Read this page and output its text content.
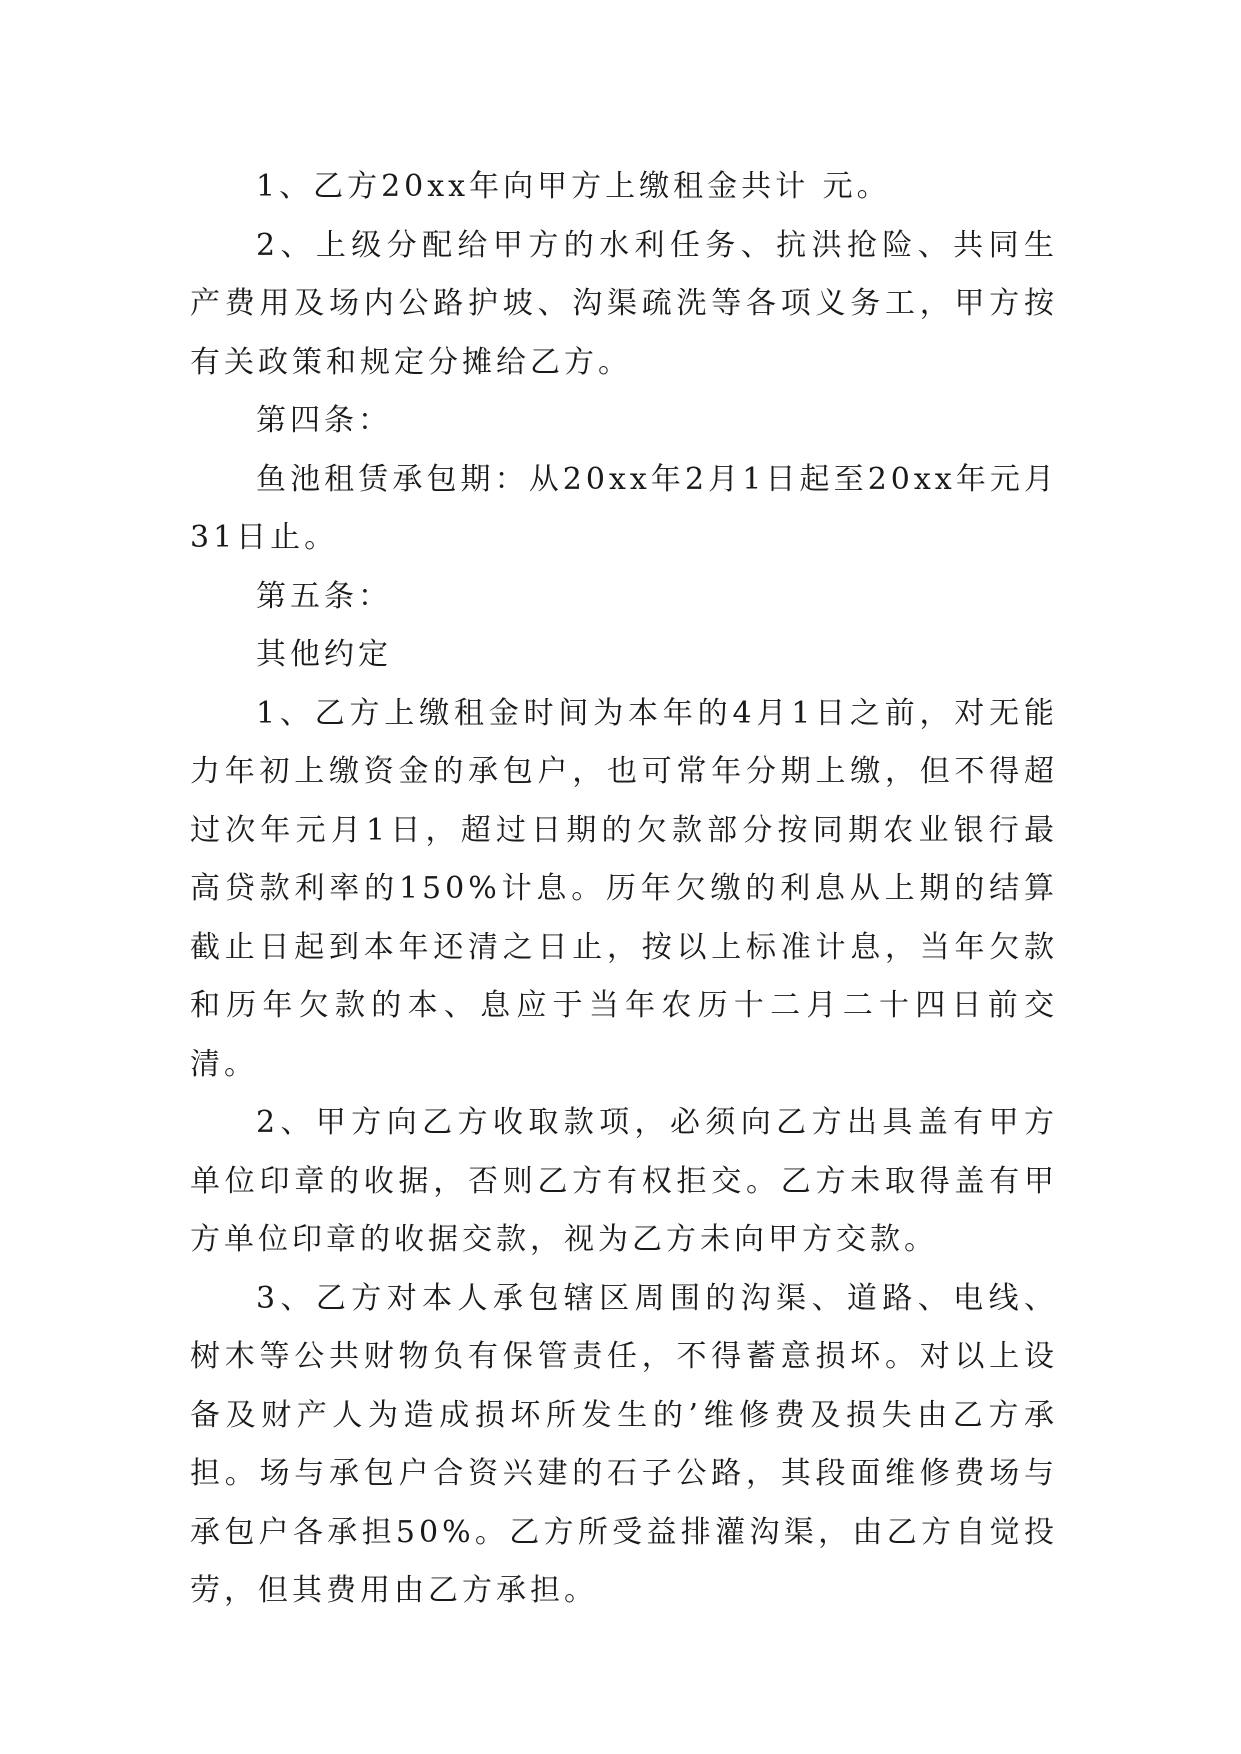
1、乙方20xx年向甲方上缴租金共计 元。

2、上级分配给甲方的水利任务、抗洪抢险、共同生产费用及场内公路护坡、沟渠疏洗等各项义务工，甲方按有关政策和规定分摊给乙方。

第四条：

鱼池租赁承包期：从20xx年2月1日起至20xx年元月31日止。

第五条：

其他约定

1、乙方上缴租金时间为本年的4月1日之前，对无能力年初上缴资金的承包户，也可常年分期上缴，但不得超过次年元月1日，超过日期的欠款部分按同期农业银行最高贷款利率的150%计息。历年欠缴的利息从上期的结算截止日起到本年还清之日止，按以上标准计息，当年欠款和历年欠款的本、息应于当年农历十二月二十四日前交清。

2、甲方向乙方收取款项，必须向乙方出具盖有甲方单位印章的收据，否则乙方有权拒交。乙方未取得盖有甲方单位印章的收据交款，视为乙方未向甲方交款。

3、乙方对本人承包辖区周围的沟渠、道路、电线、树木等公共财物负有保管责任，不得蓄意损坏。对以上设备及财产人为造成损坏所发生的’维修费及损失由乙方承担。场与承包户合资兴建的石子公路，其段面维修费场与承包户各承担50%。乙方所受益排灌沟渠，由乙方自觉投劳，但其费用由乙方承担。
